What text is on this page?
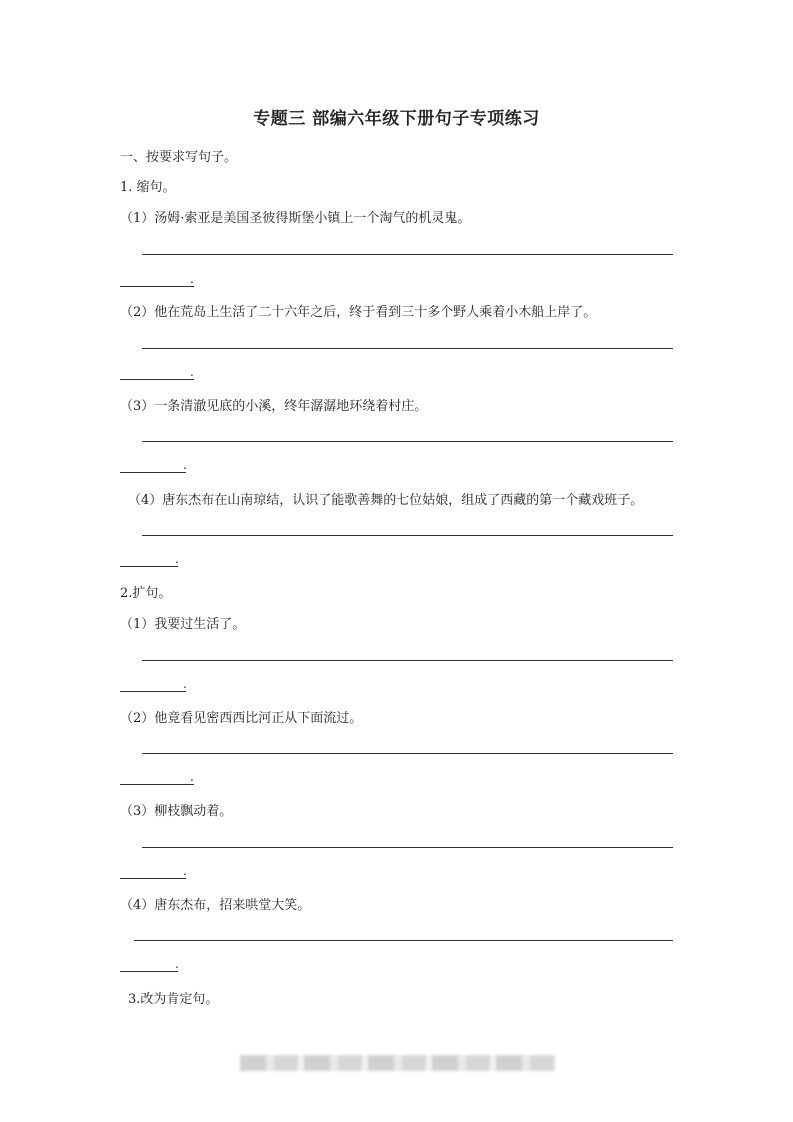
专题三 部编六年级下册句子专项练习
一、按要求写句子。
1. 缩句。
（1）汤姆·索亚是美国圣彼得斯堡小镇上一个淘气的机灵鬼。
.
（2）他在荒岛上生活了二十六年之后，终于看到三十多个野人乘着小木船上岸了。
.
（3）一条清澈见底的小溪，终年潺潺地环绕着村庄。
.
（4）唐东杰布在山南琼结，认识了能歌善舞的七位姑娘，组成了西藏的第一个藏戏班子。
.
2.扩句。
（1）我要过生活了。
.
（2）他竟看见密西西比河正从下面流过。
.
（3）柳枝飘动着。
.
（4）唐东杰布，招来哄堂大笑。
.
3.改为肯定句。
